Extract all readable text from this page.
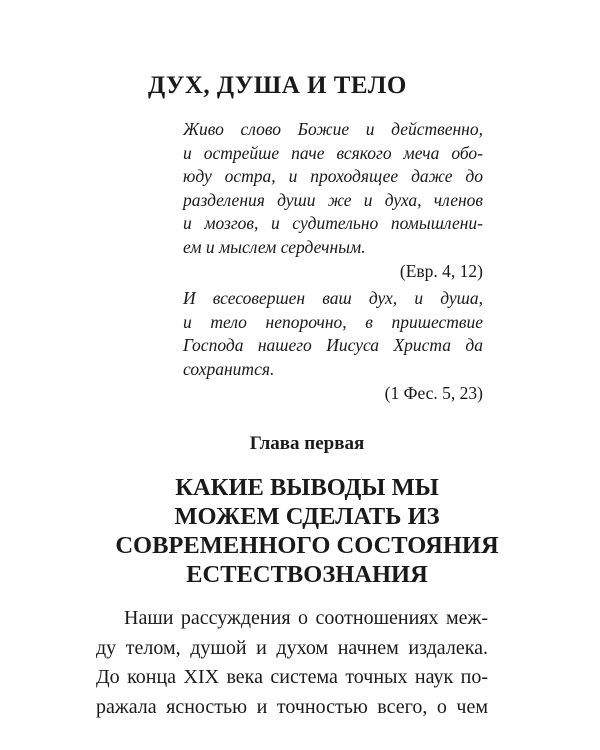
ДУХ, ДУША И ТЕЛО
Живо слово Божие и действенно,
и острейше паче всякого меча обо-
юду остра, и проходящее даже до
разделения души же и духа, членов
и мозгов, и судительно помышлени-
ем и мыслем сердечным.
(Евр. 4, 12)
И всесовершен ваш дух, и душа,
и тело непорочно, в пришествие
Господа нашего Иисуса Христа да
сохранится.
(1 Фес. 5, 23)
Глава первая
КАКИЕ ВЫВОДЫ МЫ
МОЖЕМ СДЕЛАТЬ ИЗ
СОВРЕМЕННОГО СОСТОЯНИЯ
ЕСТЕСТВОЗНАНИЯ
Наши рассуждения о соотношениях меж-
ду телом, душой и духом начнем издалека.
До конца XIX века система точных наук по-
ражала ясностью и точностью всего, о чем
